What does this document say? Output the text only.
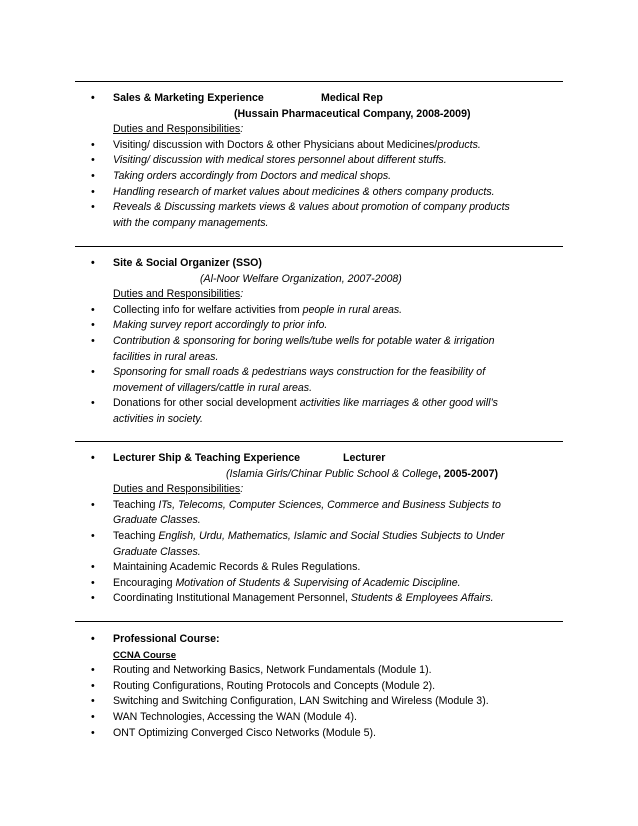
• Sales & Marketing Experience	Medical Rep
(Hussain Pharmaceutical Company, 2008-2009)
Duties and Responsibilities:
• Visiting/ discussion with Doctors & other Physicians about Medicines/products.
• Visiting/ discussion with medical stores personnel about different stuffs.
• Taking orders accordingly from Doctors and medical shops.
• Handling research of market values about medicines & others company products.
• Reveals & Discussing markets views & values about promotion of company products
with the company managements.
• Site & Social Organizer (SSO)
(Al-Noor Welfare Organization, 2007-2008)
Duties and Responsibilities:
• Collecting info for welfare activities from people in rural areas.
• Making survey report accordingly to prior info.
• Contribution & sponsoring for boring wells/tube wells for potable water & irrigation
facilities in rural areas.
• Sponsoring for small roads & pedestrians ways construction for the feasibility of
movement of villagers/cattle in rural areas.
• Donations for other social development activities like marriages & other good will’s
activities in society.
• Lecturer Ship & Teaching Experience	Lecturer
(Islamia Girls/Chinar Public School & College, 2005-2007)
Duties and Responsibilities:
• Teaching ITs, Telecoms, Computer Sciences, Commerce and Business Subjects to
Graduate Classes.
• Teaching English, Urdu, Mathematics, Islamic and Social Studies Subjects to Under
Graduate Classes.
• Maintaining Academic Records & Rules Regulations.
• Encouraging Motivation of Students & Supervising of Academic Discipline.
• Coordinating Institutional Management Personnel, Students & Employees Affairs.
• Professional Course:
CCNA Course
• Routing and Networking Basics, Network Fundamentals (Module 1).
• Routing Configurations, Routing Protocols and Concepts (Module 2).
• Switching and Switching Configuration, LAN Switching and Wireless (Module 3).
• WAN Technologies, Accessing the WAN (Module 4).
• ONT Optimizing Converged Cisco Networks (Module 5).
